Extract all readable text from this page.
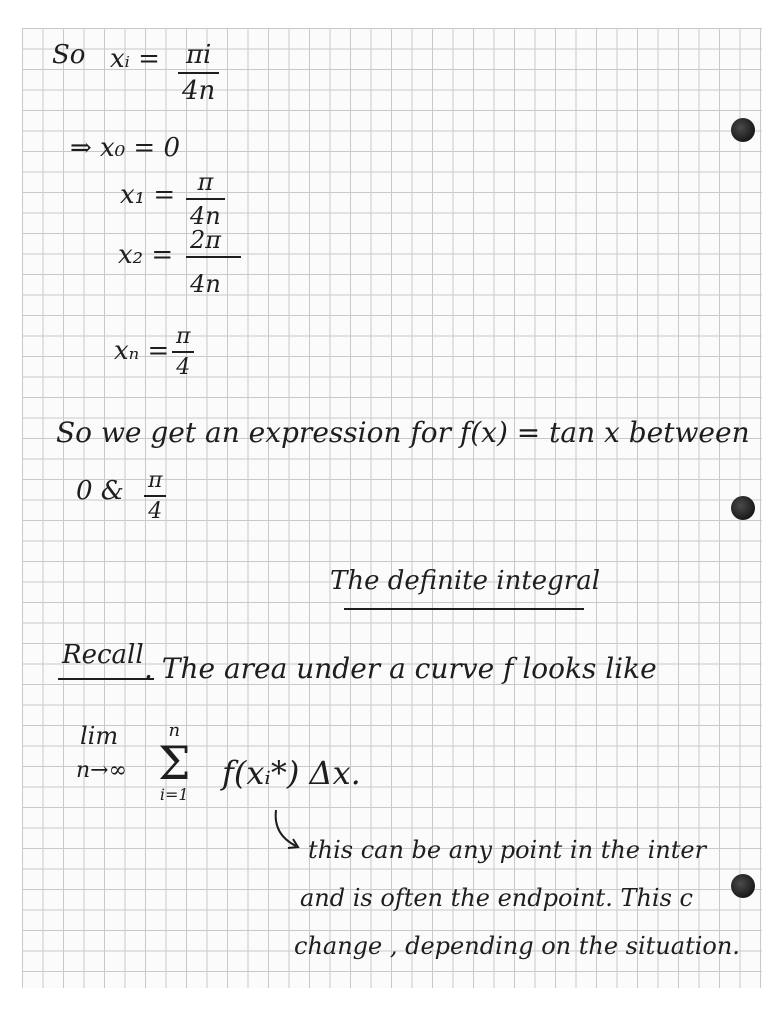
So xᵢ = πi
4n
⇒ x₀ = 0
x₁ = π
4n
x₂ = 2π
4n
xₙ = π
4
So we get an expression for f(x) = tan x between
0 & π
4
The definite integral
Recall . The area under a curve f looks like
lim
n→∞
n
Σ
i=1
f(xᵢ*) Δx.
this can be any point in the inter
and is often the endpoint. This c
change , depending on the situation.
